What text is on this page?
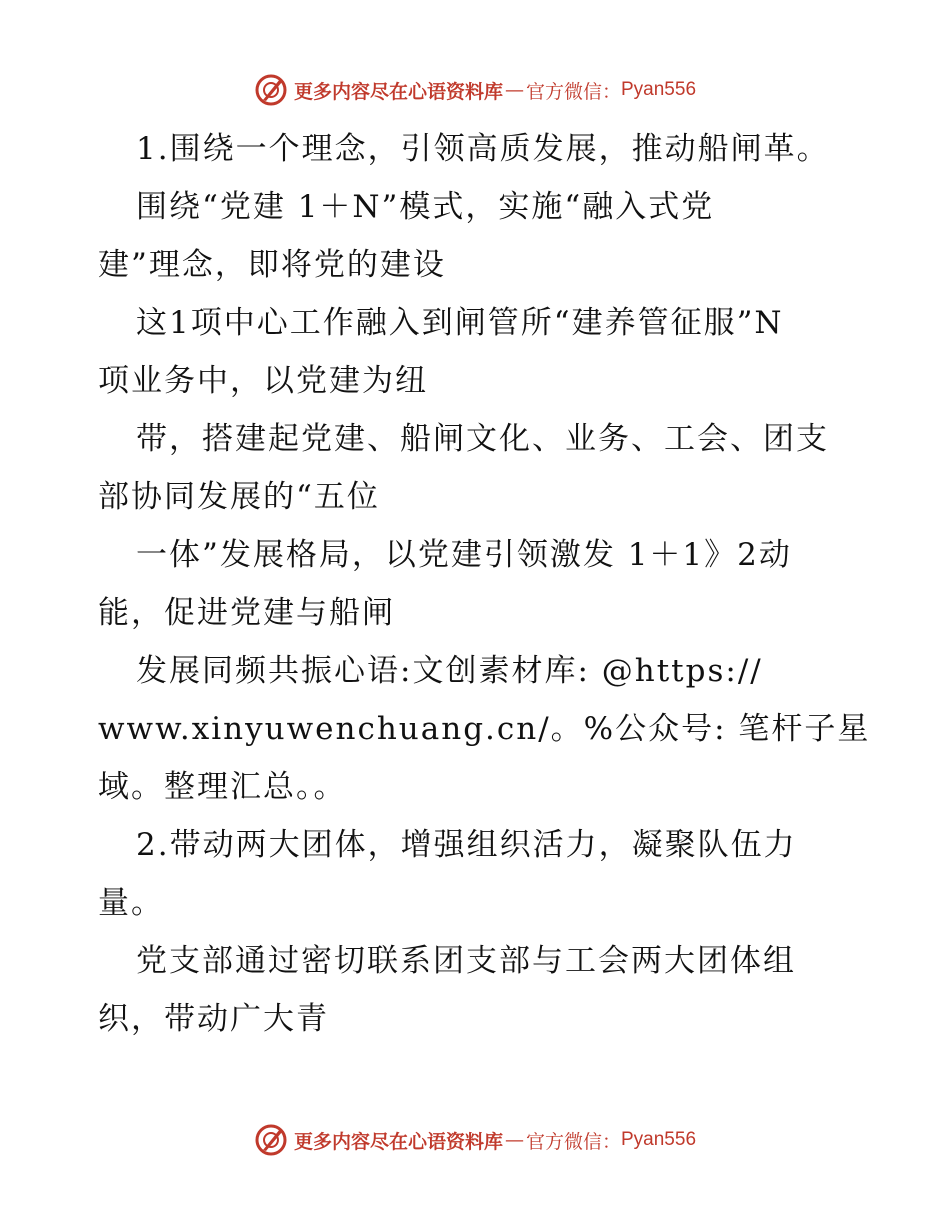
更多内容尽在心语资料库 — 官方微信： Pyan556
1.围绕一个理念，引领高质发展，推动船闸革。
围绕“党建 1＋N”模式，实施“融入式党
建”理念，即将党的建设
这1项中心工作融入到闸管所“建养管征服”N
项业务中，以党建为纽
带，搭建起党建、船闸文化、业务、工会、团支
部协同发展的“五位
一体”发展格局，以党建引领激发 1＋1》2动
能，促进党建与船闸
发展同频共振心语:文创素材库: @https://
www.xinyuwenchuang.cn/。%公众号: 笔杆子星
域。整理汇总。。
2.带动两大团体，增强组织活力，凝聚队伍力
量。
党支部通过密切联系团支部与工会两大团体组
织，带动广大青
更多内容尽在心语资料库 — 官方微信： Pyan556
